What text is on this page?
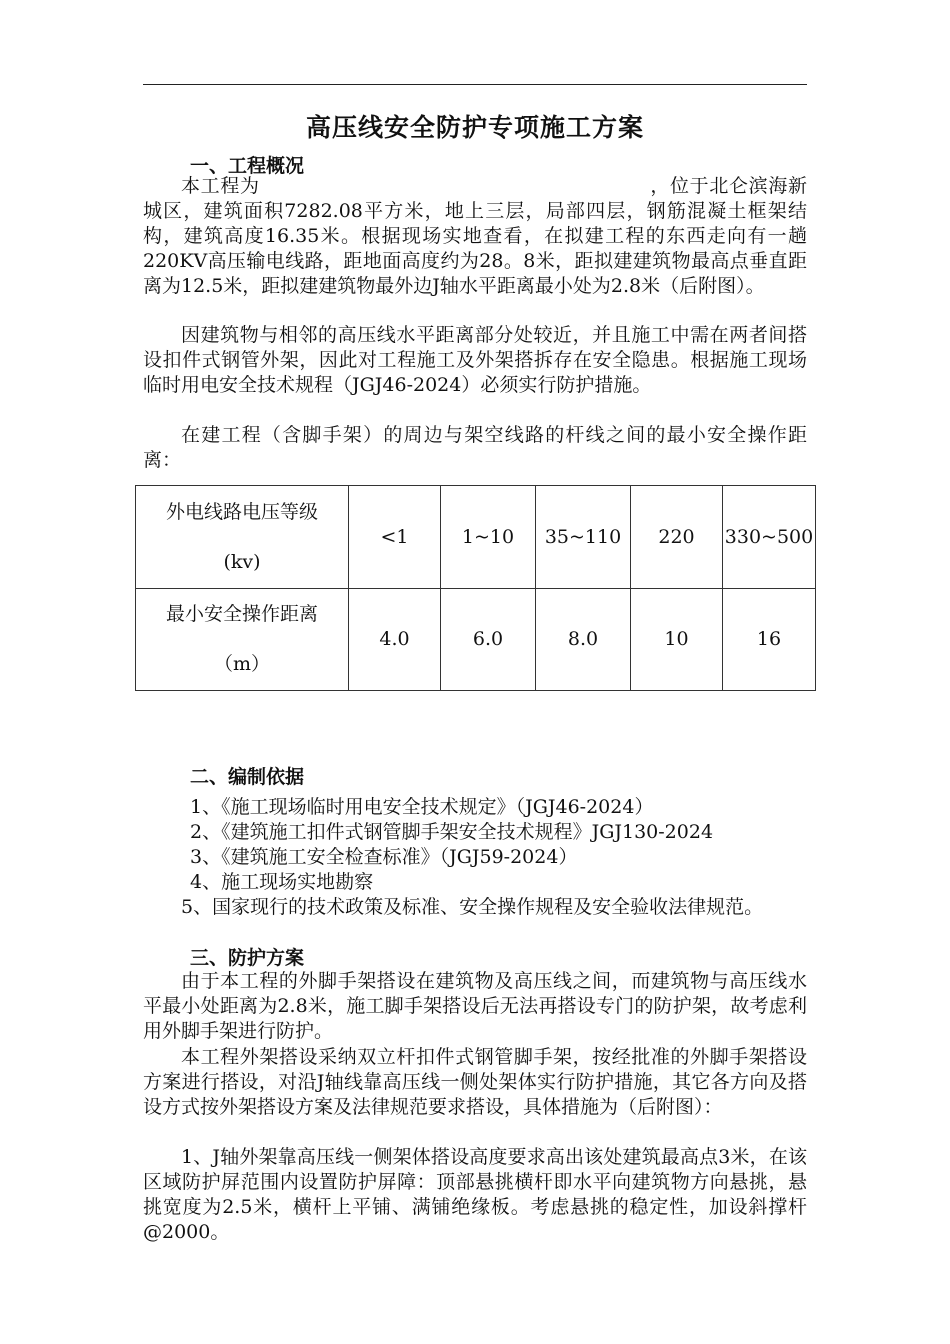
高压线安全防护专项施工方案
一、工程概况

本工程为	，位于北仑滨海新城区，建筑面积7282.08平方米，地上三层，局部四层，钢筋混凝土框架结构，建筑高度16.35米。根据现场实地查看，在拟建工程的东西走向有一趟220KV高压输电线路，距地面高度约为28。8米，距拟建建筑物最高点垂直距离为12.5米，距拟建建筑物最外边J轴水平距离最小处为2.8米（后附图）。

因建筑物与相邻的高压线水平距离部分处较近，并且施工中需在两者间搭设扣件式钢管外架，因此对工程施工及外架搭拆存在安全隐患。根据施工现场临时用电安全技术规程（JGJ46-2024）必须实行防护措施。

在建工程（含脚手架）的周边与架空线路的杆线之间的最小安全操作距离：

外电线路电压等级
(kv)	<1	1~10	35~110	220	330~500

最小安全操作距离
（m）	4.0	6.0	8.0	10	16
二、编制依据

1、《施工现场临时用电安全技术规定》（JGJ46-2024）

2、《建筑施工扣件式钢管脚手架安全技术规程》JGJ130-2024

3、《建筑施工安全检查标准》（JGJ59-2024）

4、施工现场实地勘察

5、国家现行的技术政策及标准、安全操作规程及安全验收法律规范。

三、防护方案

由于本工程的外脚手架搭设在建筑物及高压线之间，而建筑物与高压线水平最小处距离为2.8米，施工脚手架搭设后无法再搭设专门的防护架，故考虑利用外脚手架进行防护。

本工程外架搭设采纳双立杆扣件式钢管脚手架，按经批准的外脚手架搭设方案进行搭设，对沿J轴线靠高压线一侧处架体实行防护措施，其它各方向及搭设方式按外架搭设方案及法律规范要求搭设，具体措施为（后附图）：

1、J轴外架靠高压线一侧架体搭设高度要求高出该处建筑最高点3米，在该区域防护屏范围内设置防护屏障：顶部悬挑横杆即水平向建筑物方向悬挑，悬挑宽度为2.5米，横杆上平铺、满铺绝缘板。考虑悬挑的稳定性，加设斜撑杆@2000。
